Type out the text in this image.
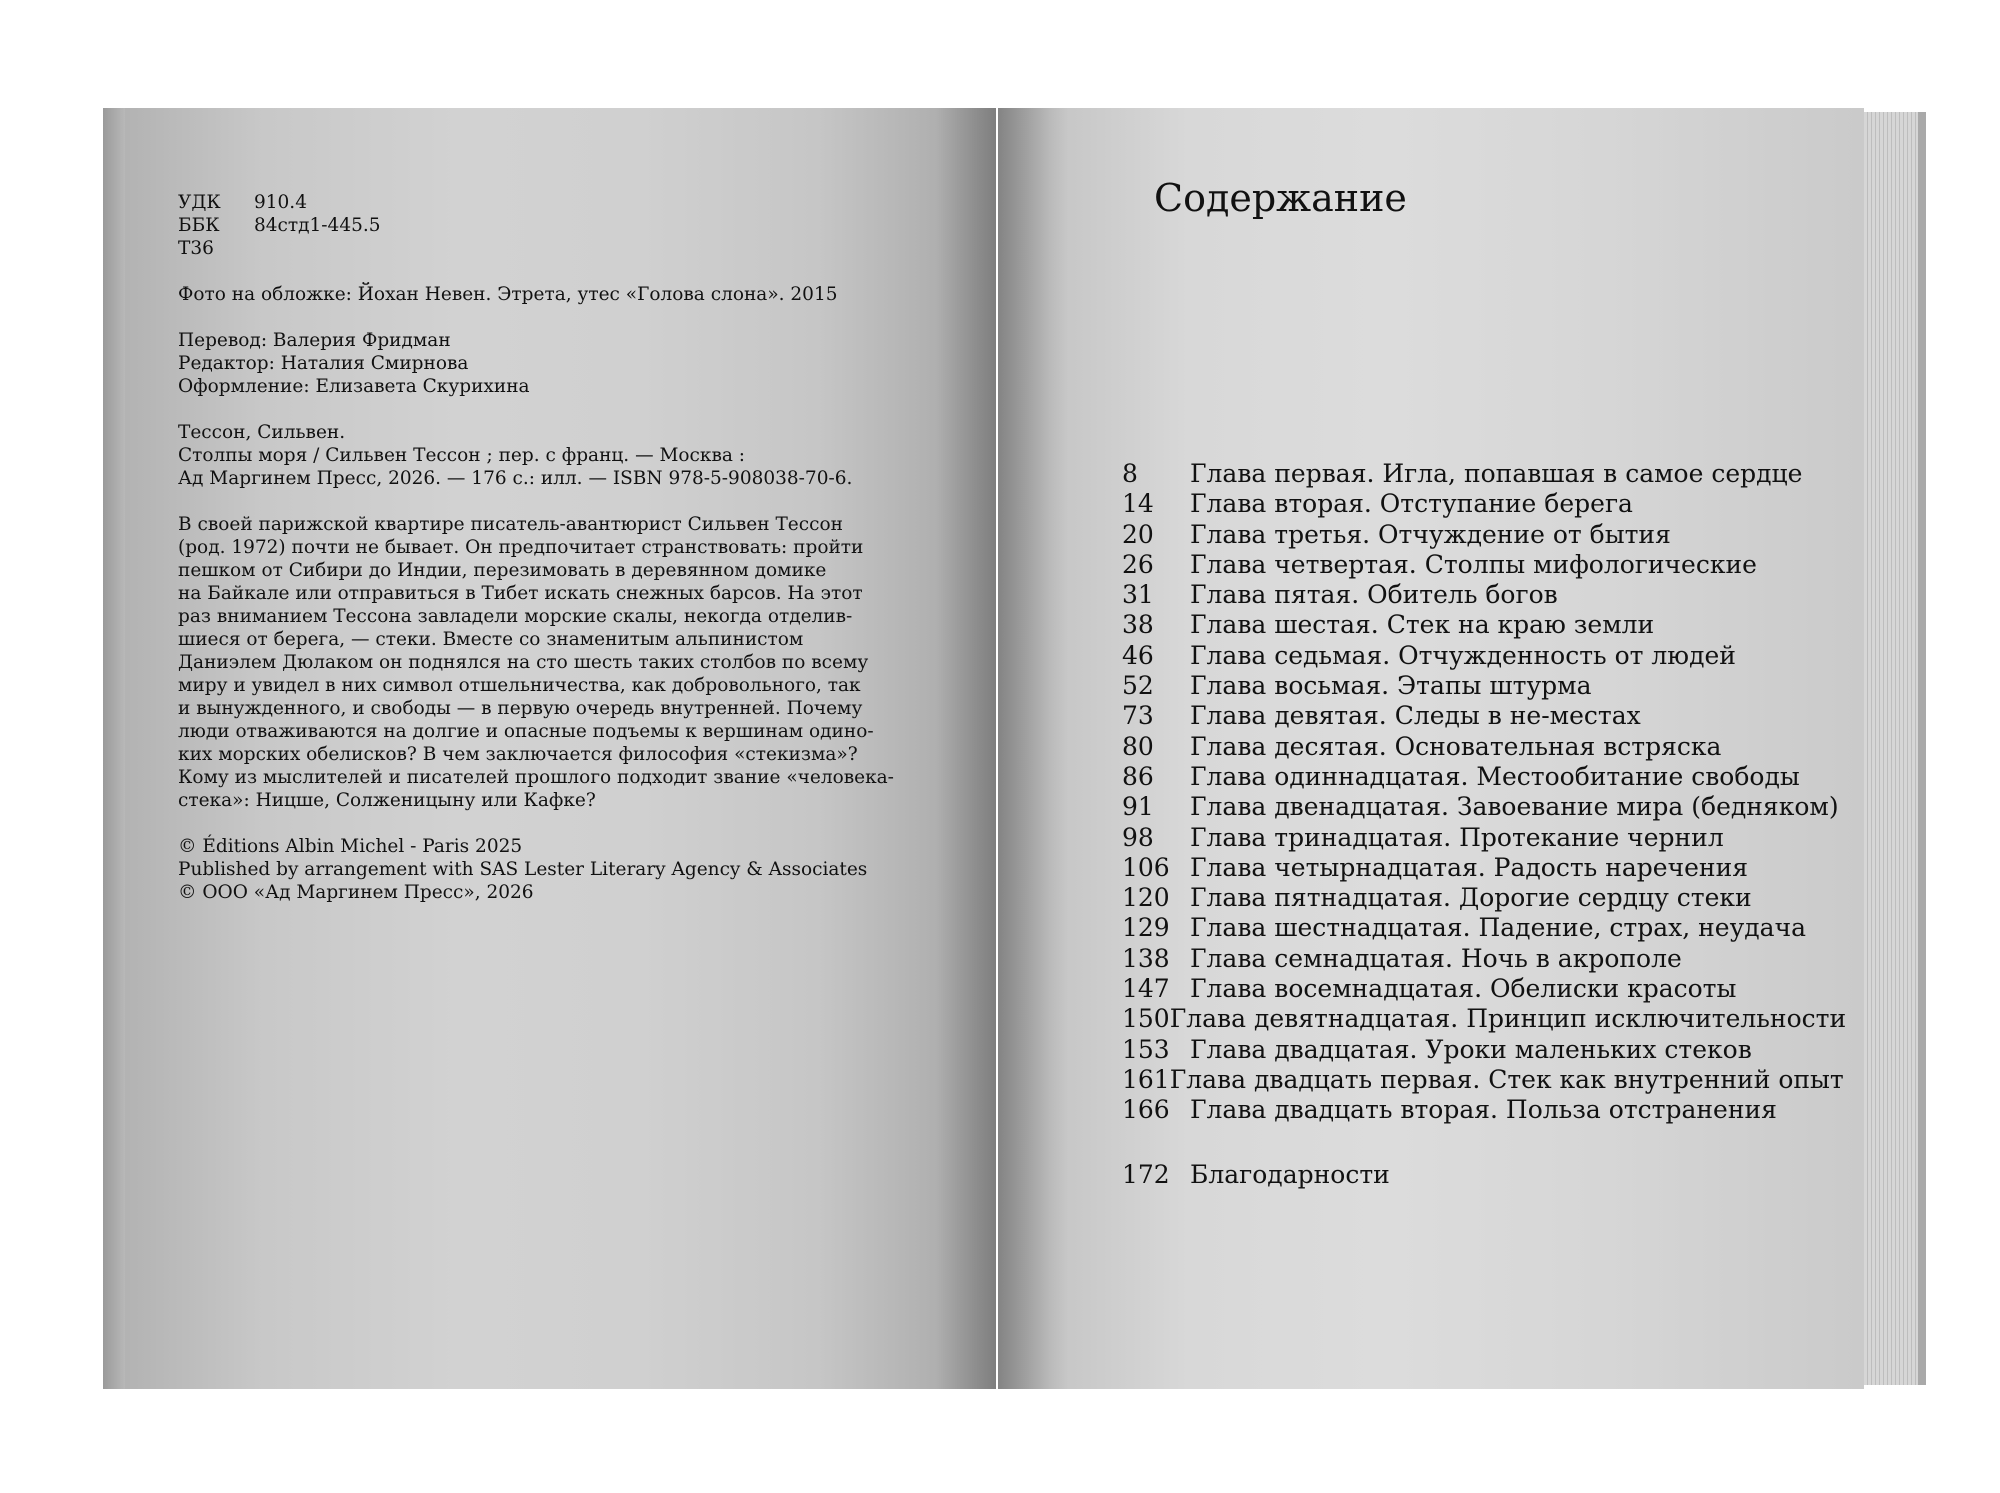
УДК	910.4
ББК	84стд1-445.5
Т36
Фото на обложке: Йохан Невен. Этрета, утес «Голова слона». 2015
Перевод: Валерия Фридман
Редактор: Наталия Смирнова
Оформление: Елизавета Скурихина
Тессон, Сильвен.
Столпы моря / Сильвен Тессон ; пер. с франц. — Москва :
Ад Маргинем Пресс, 2026. — 176 с.: илл. — ISBN 978-5-908038-70-6.
В своей парижской квартире писатель-авантюрист Сильвен Тессон
(род. 1972) почти не бывает. Он предпочитает странствовать: пройти
пешком от Сибири до Индии, перезимовать в деревянном домике
на Байкале или отправиться в Тибет искать снежных барсов. На этот
раз вниманием Тессона завладели морские скалы, некогда отделив-
шиеся от берега, — стеки. Вместе со знаменитым альпинистом
Даниэлем Дюлаком он поднялся на сто шесть таких столбов по всему
миру и увидел в них символ отшельничества, как добровольного, так
и вынужденного, и свободы — в первую очередь внутренней. Почему
люди отваживаются на долгие и опасные подъемы к вершинам одино-
ких морских обелисков? В чем заключается философия «стекизма»?
Кому из мыслителей и писателей прошлого подходит звание «человека-
стека»: Ницше, Солженицыну или Кафке?
© Éditions Albin Michel - Paris 2025
Published by arrangement with SAS Lester Literary Agency & Associates
© ООО «Ад Маргинем Пресс», 2026
Содержание
8	Глава первая. Игла, попавшая в самое сердце
14	Глава вторая. Отступание берега
20	Глава третья. Отчуждение от бытия
26	Глава четвертая. Столпы мифологические
31	Глава пятая. Обитель богов
38	Глава шестая. Стек на краю земли
46	Глава седьмая. Отчужденность от людей
52	Глава восьмая. Этапы штурма
73	Глава девятая. Следы в не-местах
80	Глава десятая. Основательная встряска
86	Глава одиннадцатая. Местообитание свободы
91	Глава двенадцатая. Завоевание мира (бедняком)
98	Глава тринадцатая. Протекание чернил
106 Глава четырнадцатая. Радость наречения
120 Глава пятнадцатая. Дорогие сердцу стеки
129 Глава шестнадцатая. Падение, страх, неудача
138 Глава семнадцатая. Ночь в акрополе
147 Глава восемнадцатая. Обелиски красоты
150 Глава девятнадцатая. Принцип исключительности
153 Глава двадцатая. Уроки маленьких стеков
161 Глава двадцать первая. Стек как внутренний опыт
166 Глава двадцать вторая. Польза отстранения
172 Благодарности
